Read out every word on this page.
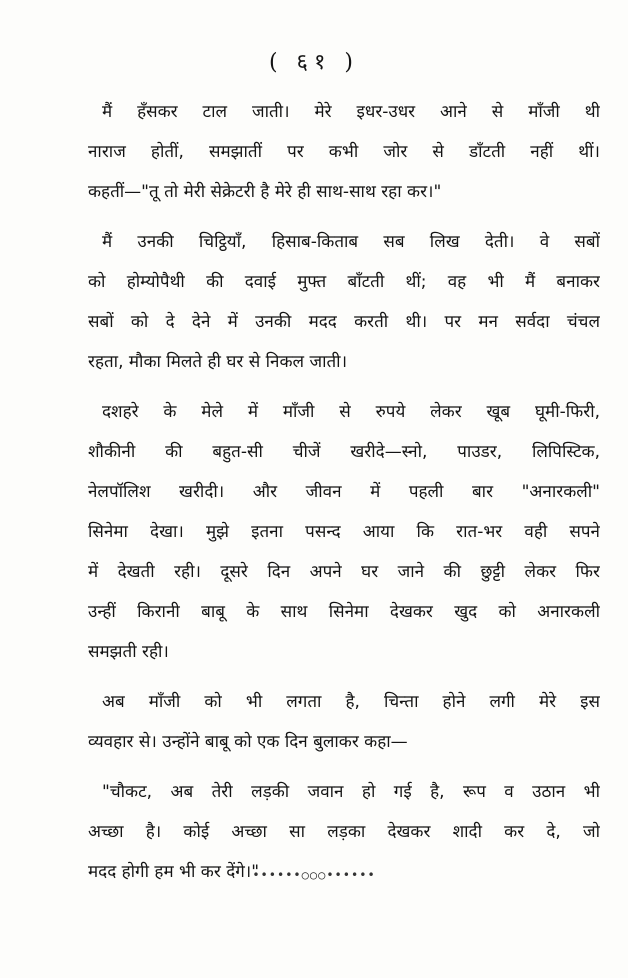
( ६१ )
मैं हँसकर टाल जाती। मेरे इधर-उधर आने से माँजी थी
नाराज होतीं, समझातीं पर कभी जोर से डाँटती नहीं थीं।
कहतीं—"तू तो मेरी सेक्रेटरी है मेरे ही साथ-साथ रहा कर।"
मैं उनकी चिट्ठियाँ, हिसाब-किताब सब लिख देती। वे सबों
को होम्योपैथी की दवाई मुफ्त बाँटती थीं; वह भी मैं बनाकर
सबों को दे देने में उनकी मदद करती थी। पर मन सर्वदा चंचल
रहता, मौका मिलते ही घर से निकल जाती।
दशहरे के मेले में माँजी से रुपये लेकर खूब घूमी-फिरी,
शौकीनी की बहुत-सी चीजें खरीदे—स्नो, पाउडर, लिपिस्टिक,
नेलपॉलिश खरीदी। और जीवन में पहली बार "अनारकली"
सिनेमा देखा। मुझे इतना पसन्द आया कि रात-भर वही सपने
में देखती रही। दूसरे दिन अपने घर जाने की छुट्टी लेकर फिर
उन्हीं किरानी बाबू के साथ सिनेमा देखकर खुद को अनारकली
समझती रही।
अब माँजी को भी लगता है, चिन्ता होने लगी मेरे इस
व्यवहार से। उन्होंने बाबू को एक दिन बुलाकर कहा—
"चौकट, अब तेरी लड़की जवान हो गई है, रूप व उठान भी
अच्छा है। कोई अच्छा सा लड़का देखकर शादी कर दे, जो
मदद होगी हम भी कर देंगे।"
••••••○○○••••••
